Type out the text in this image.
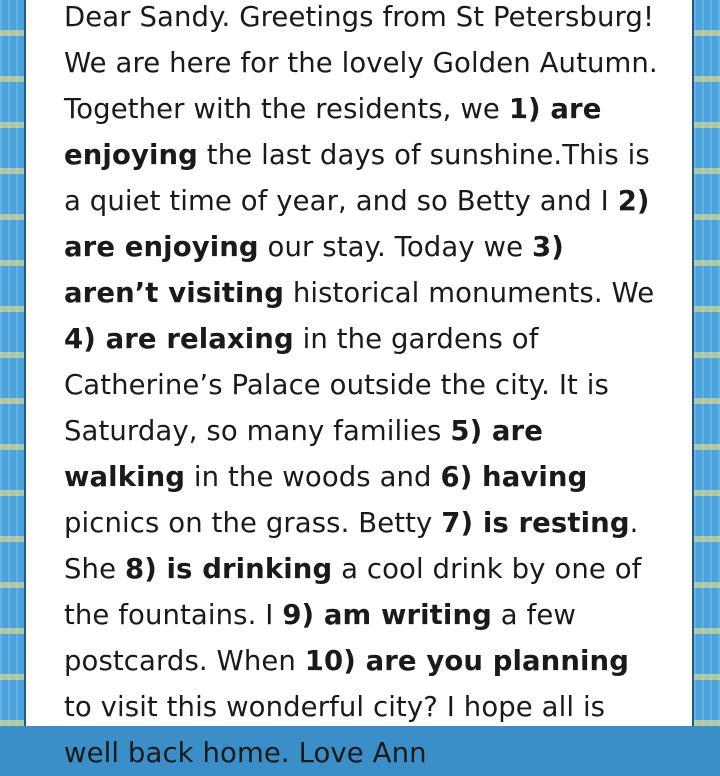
Dear Sandy. Greetings from St Petersburg! We are here for the lovely Golden Autumn. Together with the residents, we 1) are enjoying the last days of sunshine.This is a quiet time of year, and so Betty and I 2) are enjoying our stay. Today we 3) aren’t visiting historical monuments. We 4) are relaxing in the gardens of Catherine’s Palace outside the city. It is Saturday, so many families 5) are walking in the woods and 6) having picnics on the grass. Betty 7) is resting. She 8) is drinking a cool drink by one of the fountains. I 9) am writing a few postcards. When 10) are you planning to visit this wonderful city? I hope all is well back home. Love Ann
